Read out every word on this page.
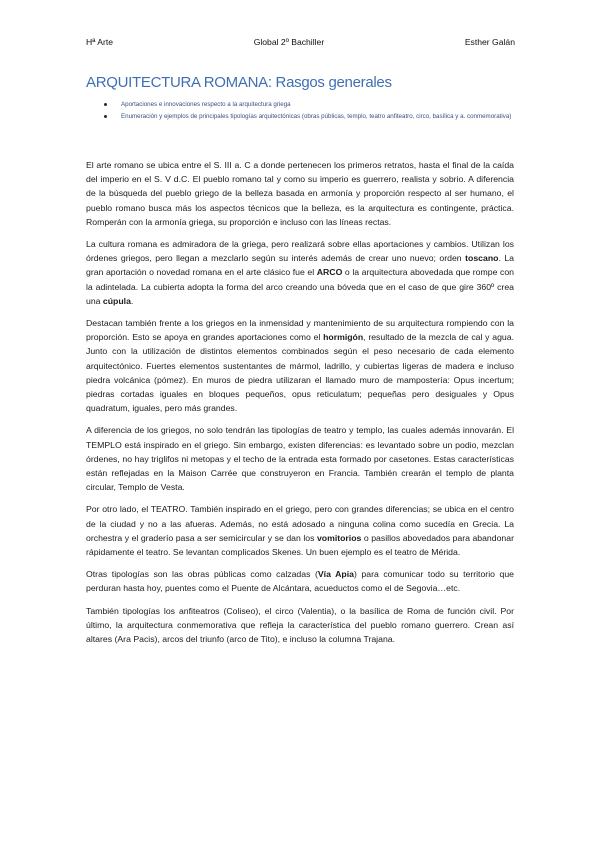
Hª Arte	Global 2º Bachiller	Esther Galán
ARQUITECTURA ROMANA: Rasgos generales
Aportaciones e innovaciones respecto a la arquitectura griega
Enumeración y ejemplos de principales tipologías arquitectónicas (obras públicas, templo, teatro anfiteatro, circo, basílica y a. conmemorativa)

El arte romano se ubica entre el S. III a. C a donde pertenecen los primeros retratos, hasta el final de la caída del imperio en el S. V d.C. El pueblo romano tal y como su imperio es guerrero, realista y sobrio. A diferencia de la búsqueda del pueblo griego de la belleza basada en armonía y proporción respecto al ser humano, el pueblo romano busca más los aspectos técnicos que la belleza, es la arquitectura es contingente, práctica. Romperán con la armonía griega, su proporción e incluso con las líneas rectas.

La cultura romana es admiradora de la griega, pero realizará sobre ellas aportaciones y cambios. Utilizan los órdenes griegos, pero llegan a mezclarlo según su interés además de crear uno nuevo; orden toscano. La gran aportación o novedad romana en el arte clásico fue el ARCO o la arquitectura abovedada que rompe con la adintelada. La cubierta adopta la forma del arco creando una bóveda que en el caso de que gire 360º crea una cúpula.

Destacan también frente a los griegos en la inmensidad y mantenimiento de su arquitectura rompiendo con la proporción. Esto se apoya en grandes aportaciones como el hormigón, resultado de la mezcla de cal y agua. Junto con la utilización de distintos elementos combinados según el peso necesario de cada elemento arquitectónico. Fuertes elementos sustentantes de mármol, ladrillo, y cubiertas ligeras de madera e incluso piedra volcánica (pómez). En muros de piedra utilizaran el llamado muro de mampostería: Opus incertum; piedras cortadas iguales en bloques pequeños, opus reticulatum; pequeñas pero desiguales y Opus quadratum, iguales, pero más grandes.

A diferencia de los griegos, no solo tendrán las tipologías de teatro y templo, las cuales además innovarán. El TEMPLO está inspirado en el griego. Sin embargo, existen diferencias: es levantado sobre un podio, mezclan órdenes, no hay triglifos ni metopas y el techo de la entrada esta formado por casetones. Estas características están reflejadas en la Maison Carrée que construyeron en Francia. También crearán el templo de planta circular, Templo de Vesta.

Por otro lado, el TEATRO. También inspirado en el griego, pero con grandes diferencias; se ubica en el centro de la ciudad y no a las afueras. Además, no está adosado a ninguna colina como sucedía en Grecia. La orchestra y el graderío pasa a ser semicircular y se dan los vomitorios o pasillos abovedados para abandonar rápidamente el teatro. Se levantan complicados Skenes. Un buen ejemplo es el teatro de Mérida.

Otras tipologías son las obras públicas como calzadas (Vía Apia) para comunicar todo su territorio que perduran hasta hoy, puentes como el Puente de Alcántara, acueductos como el de Segovia…etc.

También tipologías los anfiteatros (Coliseo), el circo (Valentia), o la basílica de Roma de función civil. Por último, la arquitectura conmemorativa que refleja la característica del pueblo romano guerrero. Crean así altares (Ara Pacis), arcos del triunfo (arco de Tito), e incluso la columna Trajana.
